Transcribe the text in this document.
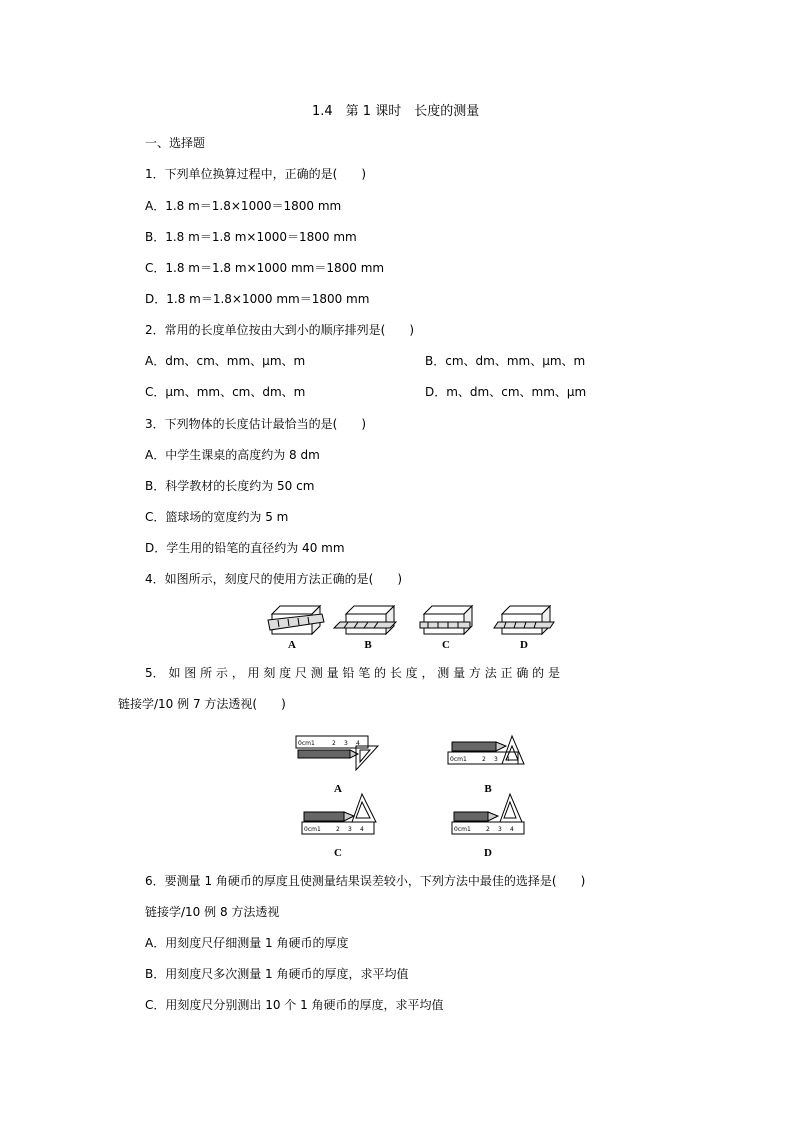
1.4　第 1 课时　长度的测量
一、选择题
1．下列单位换算过程中，正确的是(　　)
A．1.8 m＝1.8×1000＝1800 mm
B．1.8 m＝1.8 m×1000＝1800 mm
C．1.8 m＝1.8 m×1000 mm＝1800 mm
D．1.8 m＝1.8×1000 mm＝1800 mm
2．常用的长度单位按由大到小的顺序排列是(　　)
A．dm、cm、mm、μm、m	B．cm、dm、mm、μm、m
C．μm、mm、cm、dm、m	D．m、dm、cm、mm、μm
3．下列物体的长度估计最恰当的是(　　)
A．中学生课桌的高度约为 8 dm
B．科学教材的长度约为 50 cm
C．篮球场的宽度约为 5 m
D．学生用的铅笔的直径约为 40 mm
4．如图所示，刻度尺的使用方法正确的是(　　)
A	B	C	D
5． 如 图 所 示 ， 用 刻 度 尺 测 量 铅 笔 的 长 度 ， 测 量 方 法 正 确 的 是
链接学/10 例 7 方法透视(　　)
0cm1	2 3 4
0cm1	2 3 4
0cm1	2 3 4	0cm1	2 3 4
A	B
C	D
6．要测量 1 角硬币的厚度且使测量结果误差较小，下列方法中最佳的选择是(　　)
链接学/10 例 8 方法透视
A．用刻度尺仔细测量 1 角硬币的厚度
B．用刻度尺多次测量 1 角硬币的厚度，求平均值
C．用刻度尺分别测出 10 个 1 角硬币的厚度，求平均值
